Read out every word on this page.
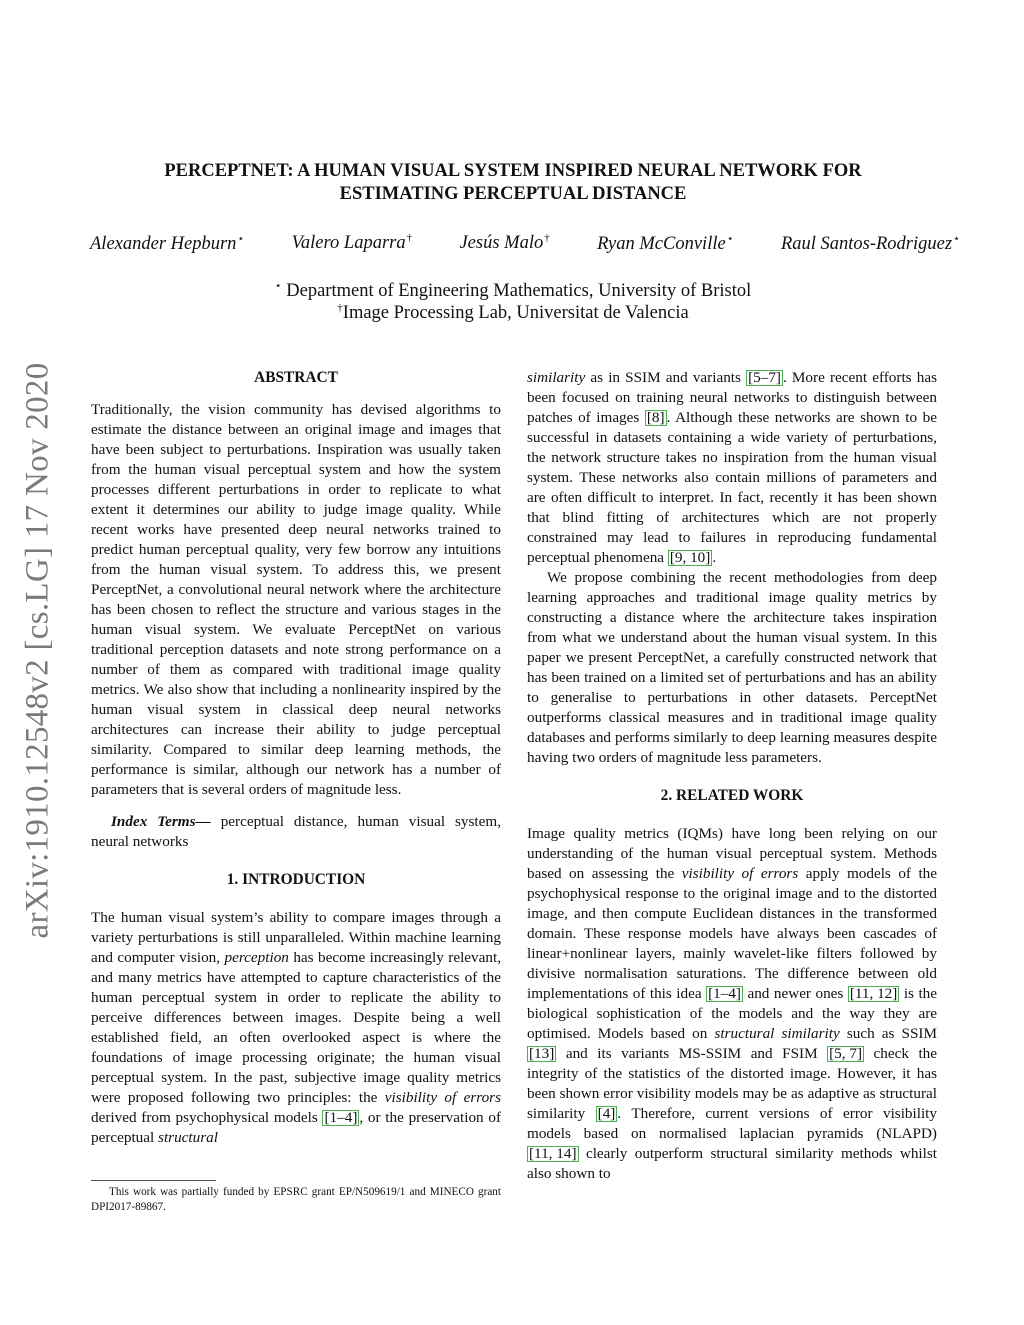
arXiv:1910.12548v2 [cs.LG] 17 Nov 2020
PERCEPTNET: A HUMAN VISUAL SYSTEM INSPIRED NEURAL NETWORK FOR
ESTIMATING PERCEPTUAL DISTANCE
Alexander Hepburn⋆	Valero Laparra†	Jesús Malo†	Ryan McConville⋆	Raul Santos-Rodriguez⋆
⋆ Department of Engineering Mathematics, University of Bristol
†Image Processing Lab, Universitat de Valencia

ABSTRACT

Traditionally, the vision community has devised algorithms to estimate the distance between an original image and images that have been subject to perturbations. Inspiration was usually taken from the human visual perceptual system and how the system processes different perturbations in order to replicate to what extent it determines our ability to judge image quality. While recent works have presented deep neural networks trained to predict human perceptual quality, very few borrow any intuitions from the human visual system. To address this, we present PerceptNet, a convolutional neural network where the architecture has been chosen to reflect the structure and various stages in the human visual system. We evaluate PerceptNet on various traditional perception datasets and note strong performance on a number of them as compared with traditional image quality metrics. We also show that including a nonlinearity inspired by the human visual system in classical deep neural networks architectures can increase their ability to judge perceptual similarity. Compared to similar deep learning methods, the performance is similar, although our network has a number of parameters that is several orders of magnitude less.

Index Terms— perceptual distance, human visual system, neural networks

1. INTRODUCTION

The human visual system’s ability to compare images through a variety perturbations is still unparalleled. Within machine learning and computer vision, perception has become increasingly relevant, and many metrics have attempted to capture characteristics of the human perceptual system in order to replicate the ability to perceive differences between images. Despite being a well established field, an often overlooked aspect is where the foundations of image processing originate; the human visual perceptual system. In the past, subjective image quality metrics were proposed following two principles: the visibility of errors derived from psychophysical models [1–4] , or the preservation of perceptual structural

This work was partially funded by EPSRC grant EP/N509619/1 and MINECO grant DPI2017-89867.

similarity as in SSIM and variants [5–7] . More recent efforts has been focused on training neural networks to distinguish between patches of images [8] . Although these networks are shown to be successful in datasets containing a wide variety of perturbations, the network structure takes no inspiration from the human visual system. These networks also contain millions of parameters and are often difficult to interpret. In fact, recently it has been shown that blind fitting of architectures which are not properly constrained may lead to failures in reproducing fundamental perceptual phenomena [9, 10] .

We propose combining the recent methodologies from deep learning approaches and traditional image quality metrics by constructing a distance where the architecture takes inspiration from what we understand about the human visual system. In this paper we present PerceptNet, a carefully constructed network that has been trained on a limited set of perturbations and has an ability to generalise to perturbations in other datasets. PerceptNet outperforms classical measures and in traditional image quality databases and performs similarly to deep learning measures despite having two orders of magnitude less parameters.

2. RELATED WORK

Image quality metrics (IQMs) have long been relying on our understanding of the human visual perceptual system. Methods based on assessing the visibility of errors apply models of the psychophysical response to the original image and to the distorted image, and then compute Euclidean distances in the transformed domain. These response models have always been cascades of linear+nonlinear layers, mainly wavelet-like filters followed by divisive normalisation saturations. The difference between old implementations of this idea [1–4] and newer ones [11, 12] is the biological sophistication of the models and the way they are optimised. Models based on structural similarity such as SSIM [13] and its variants MS-SSIM and FSIM [5, 7] check the integrity of the statistics of the distorted image. However, it has been shown error visibility models may be as adaptive as structural similarity [4] . Therefore, current versions of error visibility models based on normalised laplacian pyramids (NLAPD) [11, 14] clearly outperform structural similarity methods whilst also shown to
